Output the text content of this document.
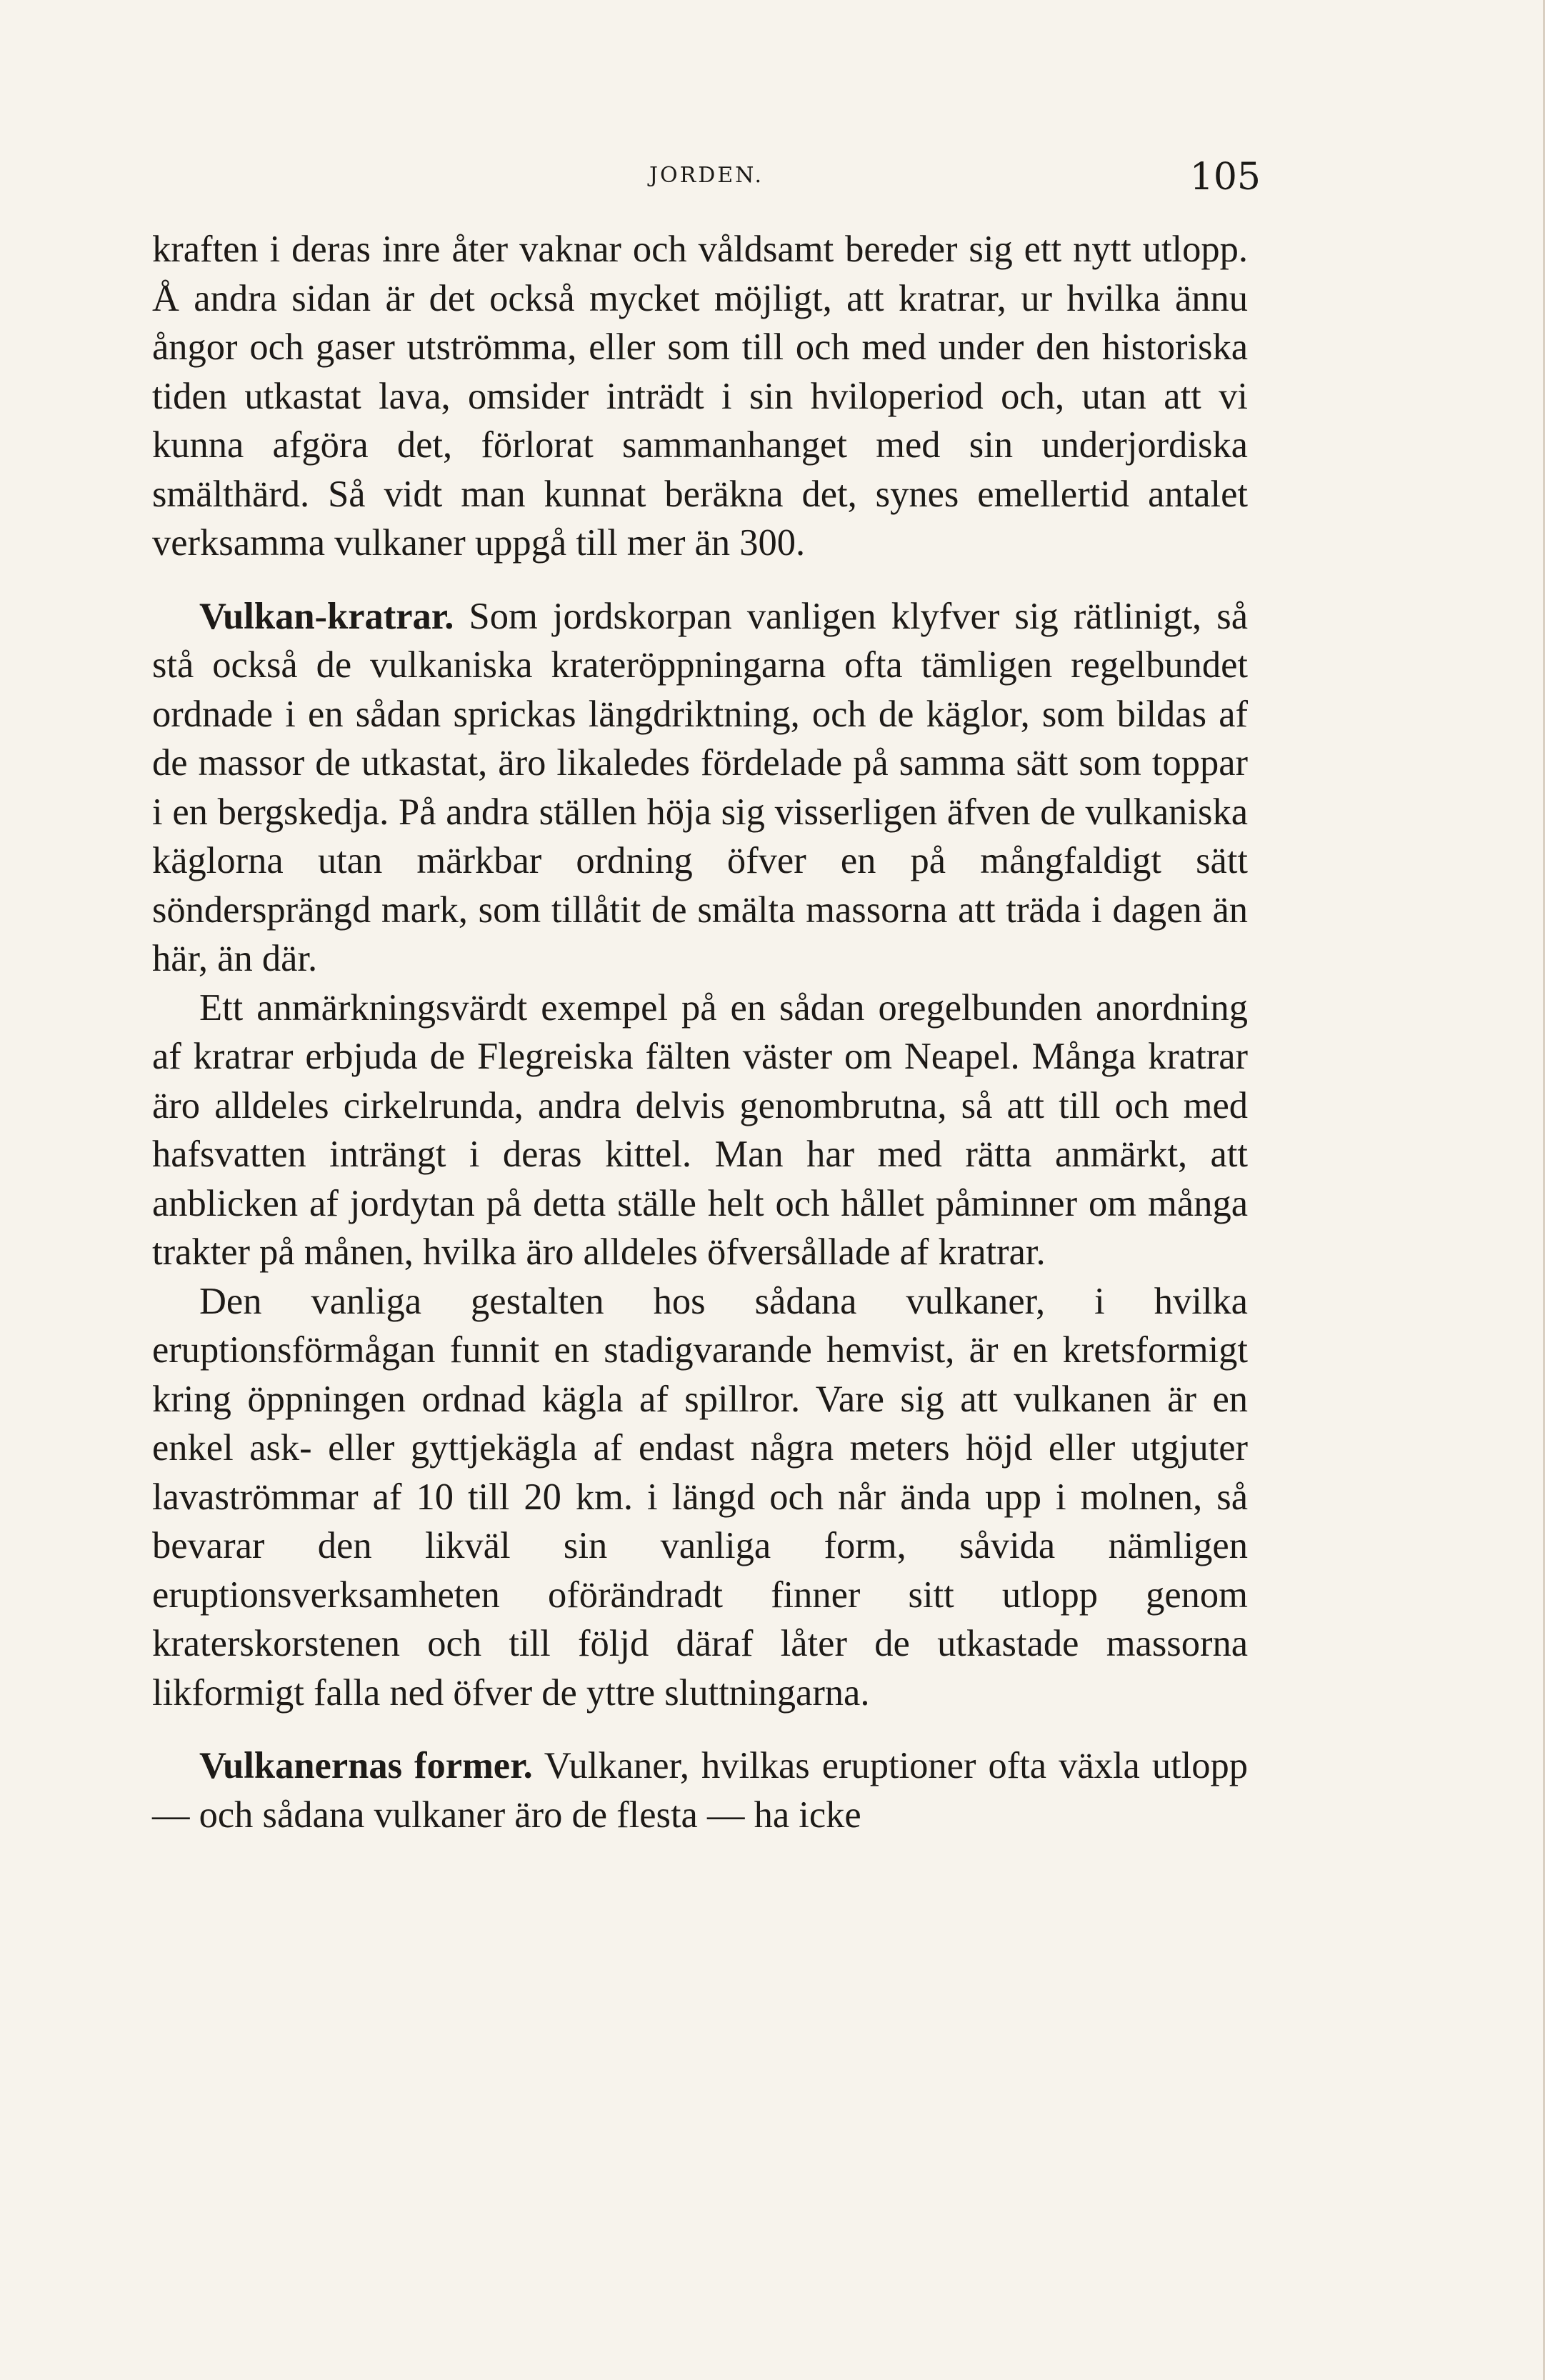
JORDEN.	105

kraften i deras inre åter vaknar och våldsamt bereder sig ett nytt utlopp. Å andra sidan är det också mycket möjligt, att kratrar, ur hvilka ännu ångor och gaser utströmma, eller som till och med under den historiska tiden utkastat lava, omsider inträdt i sin hviloperiod och, utan att vi kunna afgöra det, förlorat sammanhanget med sin underjordiska smälthärd. Så vidt man kunnat beräkna det, synes emellertid antalet verksamma vulkaner uppgå till mer än 300.

Vulkan-kratrar. Som jordskorpan vanligen klyfver sig rätlinigt, så stå också de vulkaniska krateröppningarna ofta tämligen regelbundet ordnade i en sådan sprickas längdriktning, och de käglor, som bildas af de massor de utkastat, äro likaledes fördelade på samma sätt som toppar i en bergskedja. På andra ställen höja sig visserligen äfven de vulkaniska käglorna utan märkbar ordning öfver en på mångfaldigt sätt söndersprängd mark, som tillåtit de smälta massorna att träda i dagen än här, än där.

Ett anmärkningsvärdt exempel på en sådan oregelbunden anordning af kratrar erbjuda de Flegreiska fälten väster om Neapel. Många kratrar äro alldeles cirkelrunda, andra delvis genombrutna, så att till och med hafsvatten inträngt i deras kittel. Man har med rätta anmärkt, att anblicken af jordytan på detta ställe helt och hållet påminner om många trakter på månen, hvilka äro alldeles öfversållade af kratrar.

Den vanliga gestalten hos sådana vulkaner, i hvilka eruptionsförmågan funnit en stadigvarande hemvist, är en kretsformigt kring öppningen ordnad kägla af spillror. Vare sig att vulkanen är en enkel ask- eller gyttjekägla af endast några meters höjd eller utgjuter lavaströmmar af 10 till 20 km. i längd och når ända upp i molnen, så bevarar den likväl sin vanliga form, såvida nämligen eruptionsverksamheten oförändradt finner sitt utlopp genom kraterskorstenen och till följd däraf låter de utkastade massorna likformigt falla ned öfver de yttre sluttningarna.

Vulkanernas former. Vulkaner, hvilkas eruptioner ofta växla utlopp — och sådana vulkaner äro de flesta — ha icke
